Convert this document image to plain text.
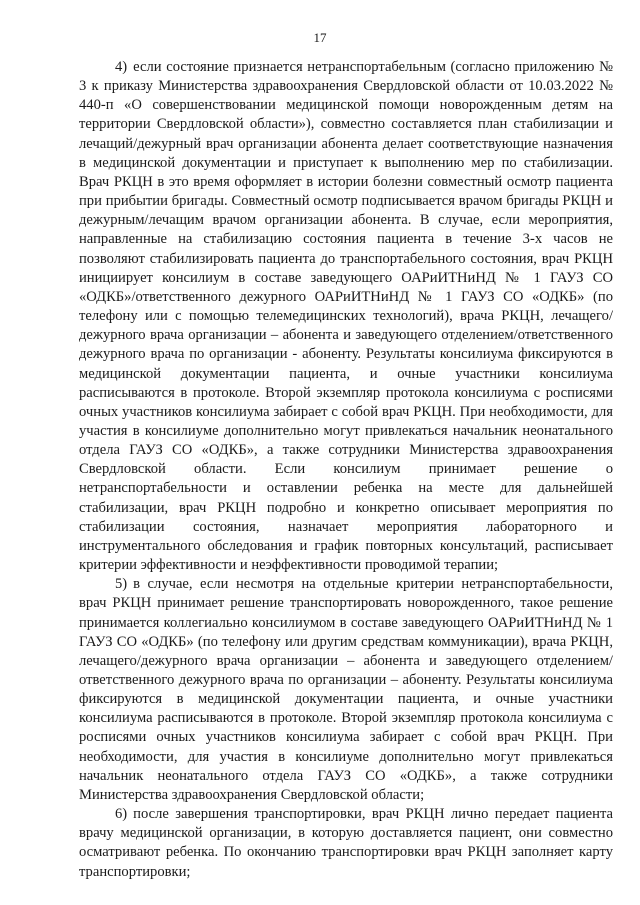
17

4) если состояние признается нетранспортабельным (согласно приложению № 3 к приказу Министерства здравоохранения Свердловской области от 10.03.2022 № 440-п «О совершенствовании медицинской помощи новорожденным детям на территории Свердловской области»), совместно составляется план стабилизации и лечащий/дежурный врач организации абонента делает соответствующие назначения в медицинской документации и приступает к выполнению мер по стабилизации. Врач РКЦН в это время оформляет в истории болезни совместный осмотр пациента при прибытии бригады. Совместный осмотр подписывается врачом бригады РКЦН и дежурным/лечащим врачом организации абонента. В случае, если мероприятия, направленные на стабилизацию состояния пациента в течение 3-х часов не позволяют стабилизировать пациента до транспортабельного состояния, врач РКЦН инициирует консилиум в составе заведующего ОАРиИТНиНД № 1 ГАУЗ СО «ОДКБ»/ответственного дежурного ОАРиИТНиНД № 1 ГАУЗ СО «ОДКБ» (по телефону или с помощью телемедицинских технологий), врача РКЦН, лечащего/дежурного врача организации – абонента и заведующего отделением/ответственного дежурного врача по организации - абоненту. Результаты консилиума фиксируются в медицинской документации пациента, и очные участники консилиума расписываются в протоколе. Второй экземпляр протокола консилиума с росписями очных участников консилиума забирает с собой врач РКЦН. При необходимости, для участия в консилиуме дополнительно могут привлекаться начальник неонатального отдела ГАУЗ СО «ОДКБ», а также сотрудники Министерства здравоохранения Свердловской области. Если консилиум принимает решение о нетранспортабельности и оставлении ребенка на месте для дальнейшей стабилизации, врач РКЦН подробно и конкретно описывает мероприятия по стабилизации состояния, назначает мероприятия лабораторного и инструментального обследования и график повторных консультаций, расписывает критерии эффективности и неэффективности проводимой терапии;

5) в случае, если несмотря на отдельные критерии нетранспортабельности, врач РКЦН принимает решение транспортировать новорожденного, такое решение принимается коллегиально консилиумом в составе заведующего ОАРиИТНиНД № 1 ГАУЗ СО «ОДКБ» (по телефону или другим средствам коммуникации), врача РКЦН, лечащего/дежурного врача организации – абонента и заведующего отделением/ответственного дежурного врача по организации – абоненту. Результаты консилиума фиксируются в медицинской документации пациента, и очные участники консилиума расписываются в протоколе. Второй экземпляр протокола консилиума с росписями очных участников консилиума забирает с собой врач РКЦН. При необходимости, для участия в консилиуме дополнительно могут привлекаться начальник неонатального отдела ГАУЗ СО «ОДКБ», а также сотрудники Министерства здравоохранения Свердловской области;

6) после завершения транспортировки, врач РКЦН лично передает пациента врачу медицинской организации, в которую доставляется пациент, они совместно осматривают ребенка. По окончанию транспортировки врач РКЦН заполняет карту транспортировки;
